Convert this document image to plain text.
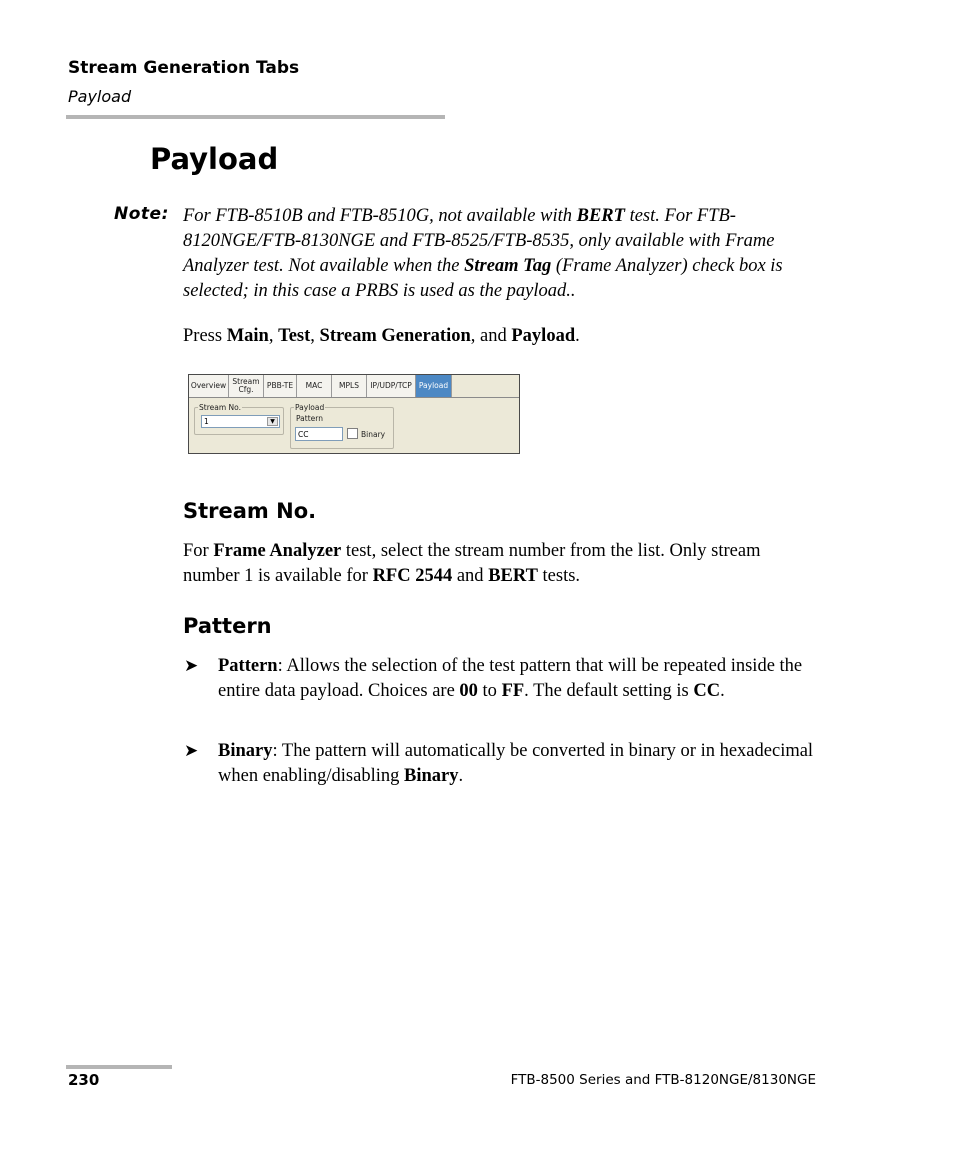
Stream Generation Tabs
Payload
Payload
Note: For FTB-8510B and FTB-8510G, not available with BERT test. For FTB-8120NGE/FTB-8130NGE and FTB-8525/FTB-8535, only available with Frame Analyzer test. Not available when the Stream Tag (Frame Analyzer) check box is selected; in this case a PRBS is used as the payload..
Press Main, Test, Stream Generation, and Payload.
Overview Stream Cfg.	PBB-TE	MAC	MPLS	IP/UDP/TCP Payload
Stream No.
1	▼
Payload
Pattern
CC	Binary
Stream No.
For Frame Analyzer test, select the stream number from the list. Only stream number 1 is available for RFC 2544 and BERT tests.
Pattern
➤ Pattern: Allows the selection of the test pattern that will be repeated inside the entire data payload. Choices are 00 to FF. The default setting is CC.
➤ Binary: The pattern will automatically be converted in binary or in hexadecimal when enabling/disabling Binary.
230	FTB-8500 Series and FTB-8120NGE/8130NGE
